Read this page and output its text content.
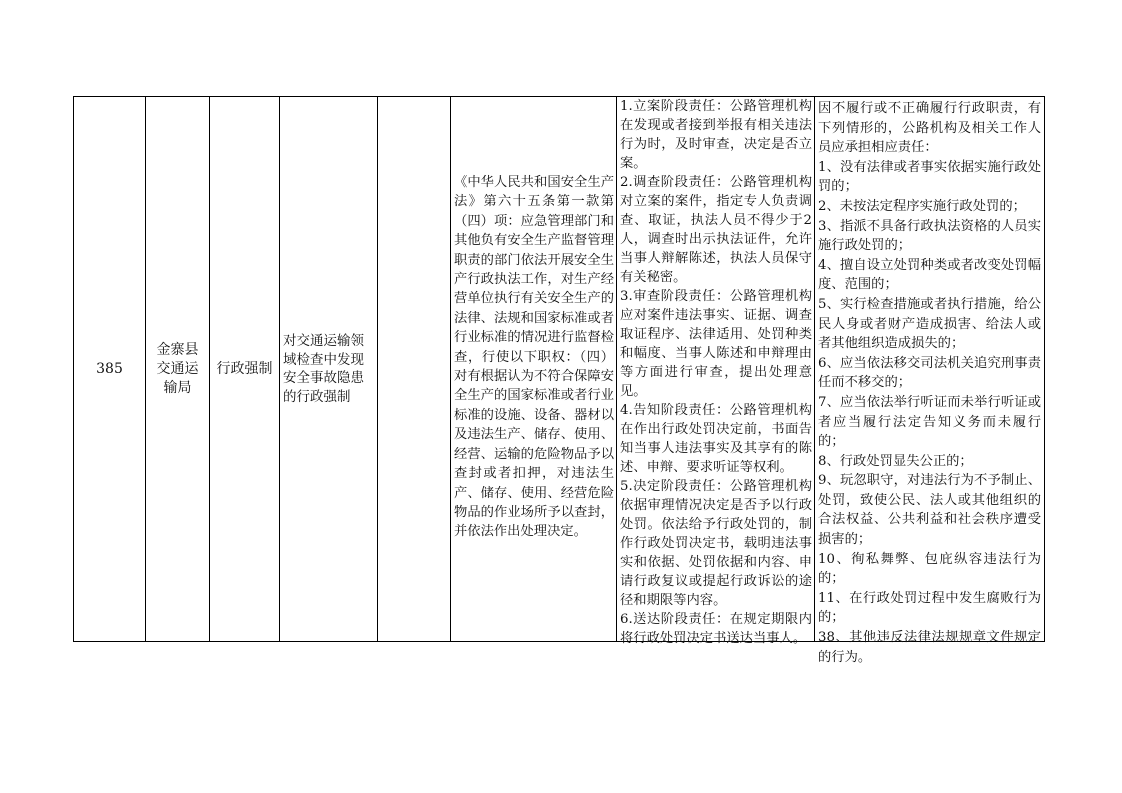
385
金寨县交通运输局
行政强制
对交通运输领域检查中发现安全事故隐患的行政强制
《中华人民共和国安全生产法》第六十五条第一款第（四）项：应急管理部门和其他负有安全生产监督管理职责的部门依法开展安全生产行政执法工作，对生产经营单位执行有关安全生产的法律、法规和国家标准或者行业标准的情况进行监督检查，行使以下职权：（四）对有根据认为不符合保障安全生产的国家标准或者行业标准的设施、设备、器材以及违法生产、储存、使用、经营、运输的危险物品予以查封或者扣押，对违法生产、储存、使用、经营危险物品的作业场所予以查封，并依法作出处理决定。
1.立案阶段责任：公路管理机构在发现或者接到举报有相关违法行为时，及时审查，决定是否立案。
2.调查阶段责任：公路管理机构对立案的案件，指定专人负责调查、取证，执法人员不得少于2人，调查时出示执法证件，允许当事人辩解陈述，执法人员保守有关秘密。
3.审查阶段责任：公路管理机构应对案件违法事实、证据、调查取证程序、法律适用、处罚种类和幅度、当事人陈述和申辩理由等方面进行审查，提出处理意见。
4.告知阶段责任：公路管理机构在作出行政处罚决定前，书面告知当事人违法事实及其享有的陈述、申辩、要求听证等权利。
5.决定阶段责任：公路管理机构依据审理情况决定是否予以行政处罚。依法给予行政处罚的，制作行政处罚决定书，载明违法事实和依据、处罚依据和内容、申请行政复议或提起行政诉讼的途径和期限等内容。
6.送达阶段责任：在规定期限内将行政处罚决定书送达当事人。
因不履行或不正确履行行政职责，有下列情形的，公路机构及相关工作人员应承担相应责任：
1、没有法律或者事实依据实施行政处罚的；
2、未按法定程序实施行政处罚的；
3、指派不具备行政执法资格的人员实施行政处罚的；
4、擅自设立处罚种类或者改变处罚幅度、范围的；
5、实行检查措施或者执行措施，给公民人身或者财产造成损害、给法人或者其他组织造成损失的；
6、应当依法移交司法机关追究刑事责任而不移交的；
7、应当依法举行听证而未举行听证或者应当履行法定告知义务而未履行的；
8、行政处罚显失公正的；
9、玩忽职守，对违法行为不予制止、处罚，致使公民、法人或其他组织的合法权益、公共利益和社会秩序遭受损害的；
10、徇私舞弊、包庇纵容违法行为的；
11、在行政处罚过程中发生腐败行为的；
38、其他违反法律法规规章文件规定的行为。
